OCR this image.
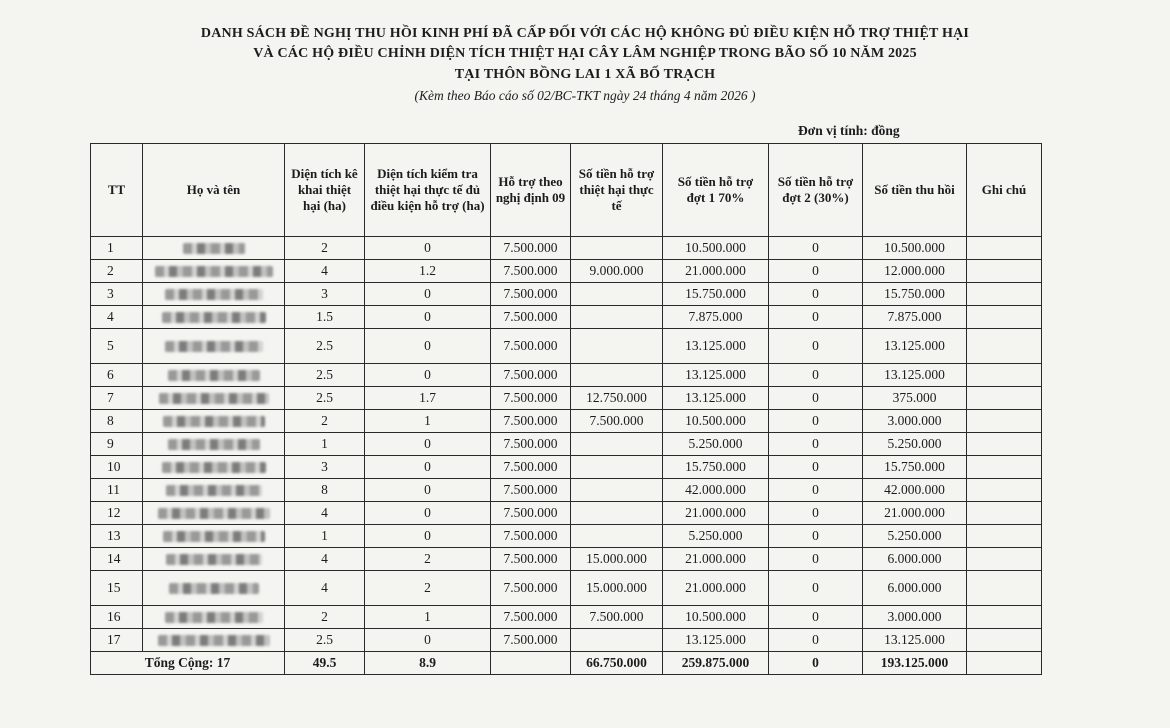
DANH SÁCH ĐỀ NGHỊ THU HỒI KINH PHÍ ĐÃ CẤP ĐỐI VỚI CÁC HỘ KHÔNG ĐỦ ĐIỀU KIỆN HỖ TRỢ THIỆT HẠI
VÀ CÁC HỘ ĐIỀU CHỈNH DIỆN TÍCH THIỆT HẠI CÂY LÂM NGHIỆP TRONG BÃO SỐ 10 NĂM 2025
TẠI THÔN BỒNG LAI 1 XÃ BỐ TRẠCH
(Kèm theo Báo cáo số 02/BC-TKT ngày 24 tháng 4 năm 2026 )
Đơn vị tính: đồng
TT	Họ và tên	Diện tích kê khai thiệt hại (ha)	Diện tích kiểm tra thiệt hại thực tế đủ điều kiện hỗ trợ (ha)	Hỗ trợ theo nghị định 09	Số tiền hỗ trợ thiệt hại thực tế	Số tiền hỗ trợ đợt 1 70%	Số tiền hỗ trợ đợt 2 (30%)	Số tiền thu hồi	Ghi chú
1		2	0	7.500.000		10.500.000	0	10.500.000	
2		4	1.2	7.500.000	9.000.000	21.000.000	0	12.000.000	
3		3	0	7.500.000		15.750.000	0	15.750.000	
4		1.5	0	7.500.000		7.875.000	0	7.875.000	
5		2.5	0	7.500.000		13.125.000	0	13.125.000	
6		2.5	0	7.500.000		13.125.000	0	13.125.000	
7		2.5	1.7	7.500.000	12.750.000	13.125.000	0	375.000	
8		2	1	7.500.000	7.500.000	10.500.000	0	3.000.000	
9		1	0	7.500.000		5.250.000	0	5.250.000	
10		3	0	7.500.000		15.750.000	0	15.750.000	
11		8	0	7.500.000		42.000.000	0	42.000.000	
12		4	0	7.500.000		21.000.000	0	21.000.000	
13		1	0	7.500.000		5.250.000	0	5.250.000	
14		4	2	7.500.000	15.000.000	21.000.000	0	6.000.000	
15		4	2	7.500.000	15.000.000	21.000.000	0	6.000.000	
16		2	1	7.500.000	7.500.000	10.500.000	0	3.000.000	
17		2.5	0	7.500.000		13.125.000	0	13.125.000	
Tổng Cộng: 17		49.5	8.9		66.750.000	259.875.000	0	193.125.000	
